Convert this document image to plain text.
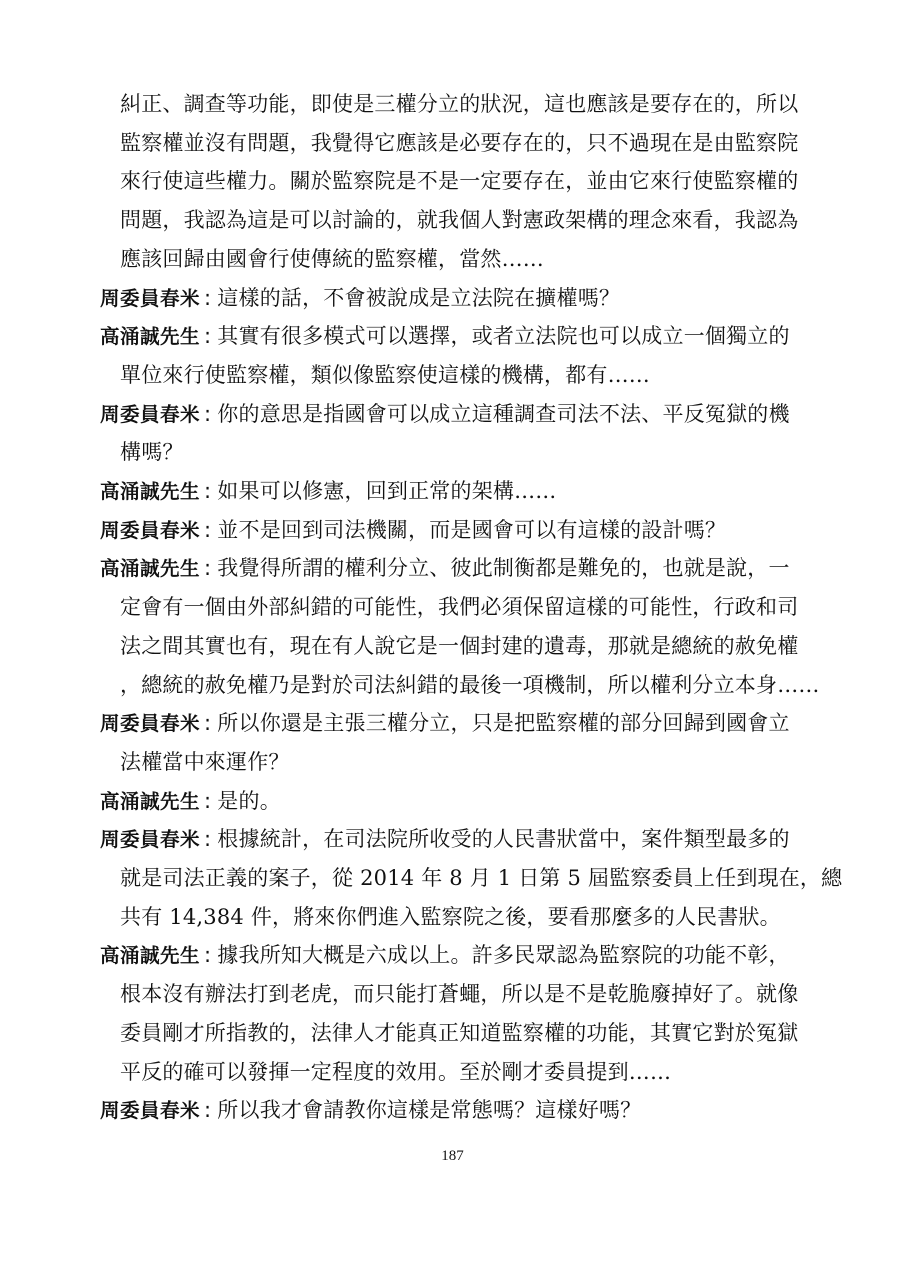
糾正、調查等功能，即使是三權分立的狀況，這也應該是要存在的，所以
監察權並沒有問題，我覺得它應該是必要存在的，只不過現在是由監察院
來行使這些權力。關於監察院是不是一定要存在，並由它來行使監察權的
問題，我認為這是可以討論的，就我個人對憲政架構的理念來看，我認為
應該回歸由國會行使傳統的監察權，當然……
周委員春米 : 這樣的話，不會被說成是立法院在擴權嗎？
高涌誠先生 : 其實有很多模式可以選擇，或者立法院也可以成立一個獨立的
單位來行使監察權，類似像監察使這樣的機構，都有……
周委員春米 : 你的意思是指國會可以成立這種調查司法不法、平反冤獄的機
構嗎？
高涌誠先生 : 如果可以修憲，回到正常的架構……
周委員春米 : 並不是回到司法機關，而是國會可以有這樣的設計嗎？
高涌誠先生 : 我覺得所謂的權利分立、彼此制衡都是難免的，也就是說，一
定會有一個由外部糾錯的可能性，我們必須保留這樣的可能性，行政和司
法之間其實也有，現在有人說它是一個封建的遺毒，那就是總統的赦免權
，總統的赦免權乃是對於司法糾錯的最後一項機制，所以權利分立本身……
周委員春米 : 所以你還是主張三權分立，只是把監察權的部分回歸到國會立
法權當中來運作？
高涌誠先生 : 是的。
周委員春米 : 根據統計，在司法院所收受的人民書狀當中，案件類型最多的
就是司法正義的案子，從 2014 年 8 月 1 日第 5 屆監察委員上任到現在，總
共有 14,384 件，將來你們進入監察院之後，要看那麼多的人民書狀。
高涌誠先生 : 據我所知大概是六成以上。許多民眾認為監察院的功能不彰，
根本沒有辦法打到老虎，而只能打蒼蠅，所以是不是乾脆廢掉好了。就像
委員剛才所指教的，法律人才能真正知道監察權的功能，其實它對於冤獄
平反的確可以發揮一定程度的效用。至於剛才委員提到……
周委員春米 : 所以我才會請教你這樣是常態嗎？這樣好嗎？
187
